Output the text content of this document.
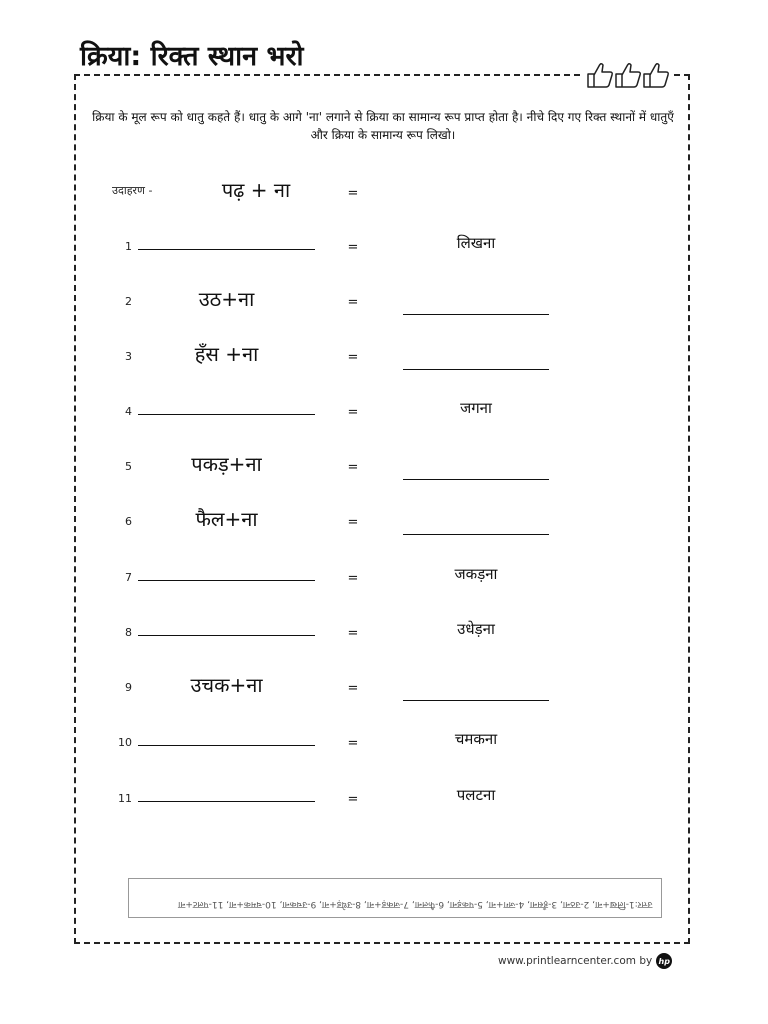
क्रिया: रिक्त स्थान भरो
क्रिया के मूल रूप को धातु कहते हैं। धातु के आगे 'ना' लगाने से क्रिया का सामान्य रूप प्राप्त होता है। नीचे दिए गए रिक्त स्थानों में धातुएँ और क्रिया के सामान्य रूप लिखो।
उदाहरण -	पढ़ + ना	=
1	=	लिखना
2	उठ+ना	=
3	हँस +ना	=
4	=	जगना
5	पकड़+ना	=
6	फैल+ना	=
7	=	जकड़ना
8	=	उधेड़ना
9	उचक+ना	=
10	=	चमकना
11	=	पलटना
उत्तर:1-लिख+ना, 2-उठना, 3-हँसना, 4-जग+ना, 5-पकड़ना, 6-फैलना, 7-जकड़+ना, 8-उधेड़+ना, 9-उचकना, 10-चमक+ना, 11-पलट+ना
www.printlearncenter.com by hp
